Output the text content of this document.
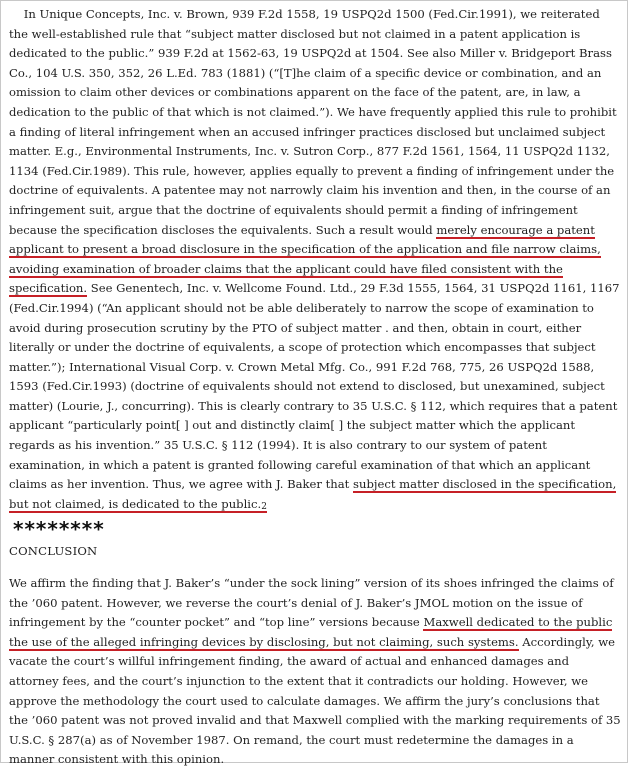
In Unique Concepts, Inc. v. Brown, 939 F.2d 1558, 19 USPQ2d 1500 (Fed.Cir.1991), we reiterated the well-established rule that “subject matter disclosed but not claimed in a patent application is dedicated to the public.” 939 F.2d at 1562-63, 19 USPQ2d at 1504. See also Miller v. Bridgeport Brass Co., 104 U.S. 350, 352, 26 L.Ed. 783 (1881) (“[T]he claim of a specific device or combination, and an omission to claim other devices or combinations apparent on the face of the patent, are, in law, a dedication to the public of that which is not claimed.”). We have frequently applied this rule to prohibit a finding of literal infringement when an accused infringer practices disclosed but unclaimed subject matter. E.g., Environmental Instruments, Inc. v. Sutron Corp., 877 F.2d 1561, 1564, 11 USPQ2d 1132, 1134 (Fed.Cir.1989). This rule, however, applies equally to prevent a finding of infringement under the doctrine of equivalents. A patentee may not narrowly claim his invention and then, in the course of an infringement suit, argue that the doctrine of equivalents should permit a finding of infringement because the specification discloses the equivalents. Such a result would merely encourage a patent applicant to present a broad disclosure in the specification of the application and file narrow claims, avoiding examination of broader claims that the applicant could have filed consistent with the specification. See Genentech, Inc. v. Wellcome Found. Ltd., 29 F.3d 1555, 1564, 31 USPQ2d 1161, 1167 (Fed.Cir.1994) (“An applicant should not be able deliberately to narrow the scope of examination to avoid during prosecution scrutiny by the PTO of subject matter . and then, obtain in court, either literally or under the doctrine of equivalents, a scope of protection which encompasses that subject matter.”); International Visual Corp. v. Crown Metal Mfg. Co., 991 F.2d 768, 775, 26 USPQ2d 1588, 1593 (Fed.Cir.1993) (doctrine of equivalents should not extend to disclosed, but unexamined, subject matter) (Lourie, J., concurring). This is clearly contrary to 35 U.S.C. § 112, which requires that a patent applicant “particularly point[ ] out and distinctly claim[ ] the subject matter which the applicant regards as his invention.” 35 U.S.C. § 112 (1994). It is also contrary to our system of patent examination, in which a patent is granted following careful examination of that which an applicant claims as her invention. Thus, we agree with J. Baker that subject matter disclosed in the specification, but not claimed, is dedicated to the public.$^2$

********

CONCLUSION

We affirm the finding that J. Baker’s “under the sock lining” version of its shoes infringed the claims of the ’060 patent. However, we reverse the court’s denial of J. Baker’s JMOL motion on the issue of infringement by the “counter pocket” and “top line” versions because Maxwell dedicated to the public the use of the alleged infringing devices by disclosing, but not claiming, such systems. Accordingly, we vacate the court’s willful infringement finding, the award of actual and enhanced damages and attorney fees, and the court’s injunction to the extent that it contradicts our holding. However, we approve the methodology the court used to calculate damages. We affirm the jury’s conclusions that the ’060 patent was not proved invalid and that Maxwell complied with the marking requirements of 35 U.S.C. § 287(a) as of November 1987. On remand, the court must redetermine the damages in a manner consistent with this opinion.
